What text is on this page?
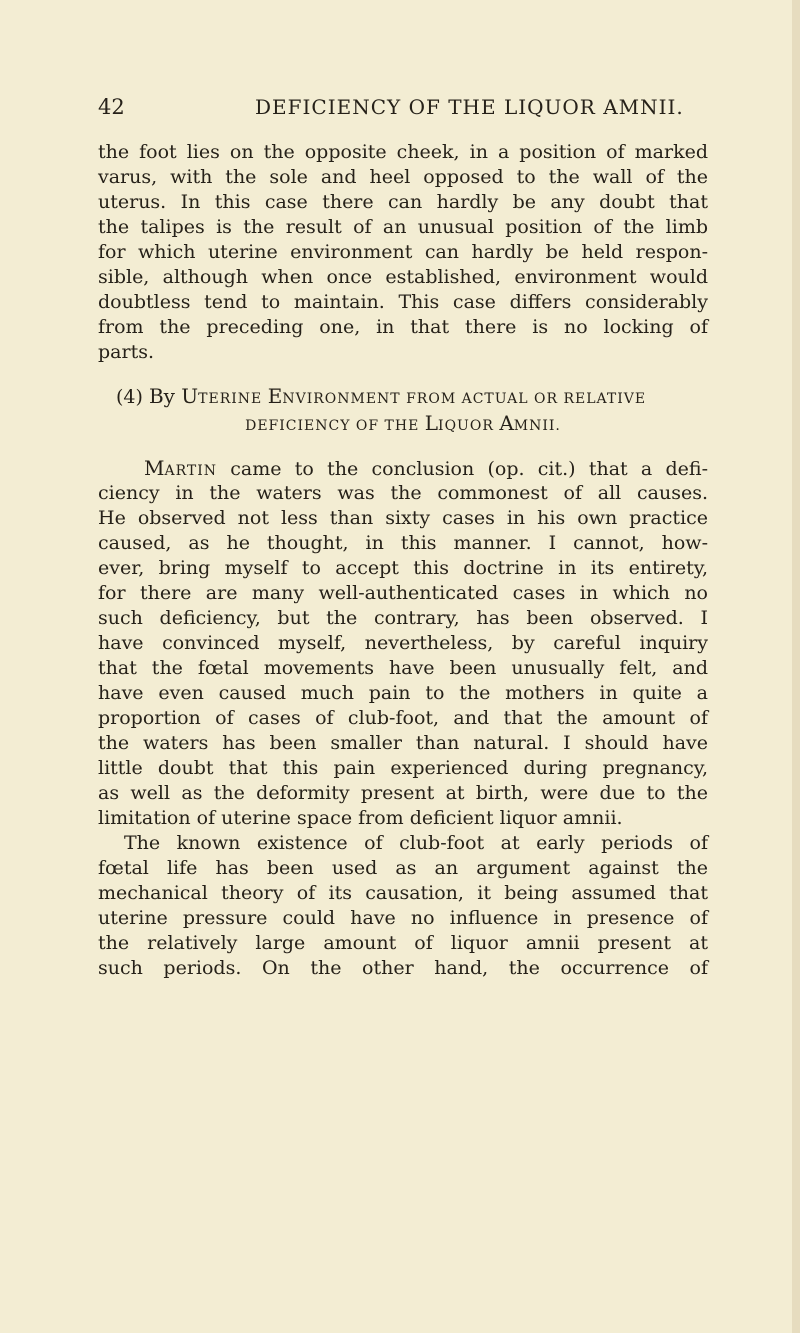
42	DEFICIENCY OF THE LIQUOR AMNII.
the foot lies on the opposite cheek, in a position of marked
varus, with the sole and heel opposed to the wall of the
uterus. In this case there can hardly be any doubt that
the talipes is the result of an unusual position of the limb
for which uterine environment can hardly be held respon-
sible, although when once established, environment would
doubtless tend to maintain. This case differs considerably
from the preceding one, in that there is no locking of
parts.
(4) By UTERINE ENVIRONMENT FROM ACTUAL OR RELATIVE
DEFICIENCY OF THE LIQUOR AMNII.
MARTIN came to the conclusion (op. cit.) that a defi-
ciency in the waters was the commonest of all causes.
He observed not less than sixty cases in his own practice
caused, as he thought, in this manner. I cannot, how-
ever, bring myself to accept this doctrine in its entirety,
for there are many well-authenticated cases in which no
such deficiency, but the contrary, has been observed. I
have convinced myself, nevertheless, by careful inquiry
that the fœtal movements have been unusually felt, and
have even caused much pain to the mothers in quite a
proportion of cases of club-foot, and that the amount of
the waters has been smaller than natural. I should have
little doubt that this pain experienced during pregnancy,
as well as the deformity present at birth, were due to the
limitation of uterine space from deficient liquor amnii.
The known existence of club-foot at early periods of
fœtal life has been used as an argument against the
mechanical theory of its causation, it being assumed that
uterine pressure could have no influence in presence of
the relatively large amount of liquor amnii present at
such periods. On the other hand, the occurrence of
